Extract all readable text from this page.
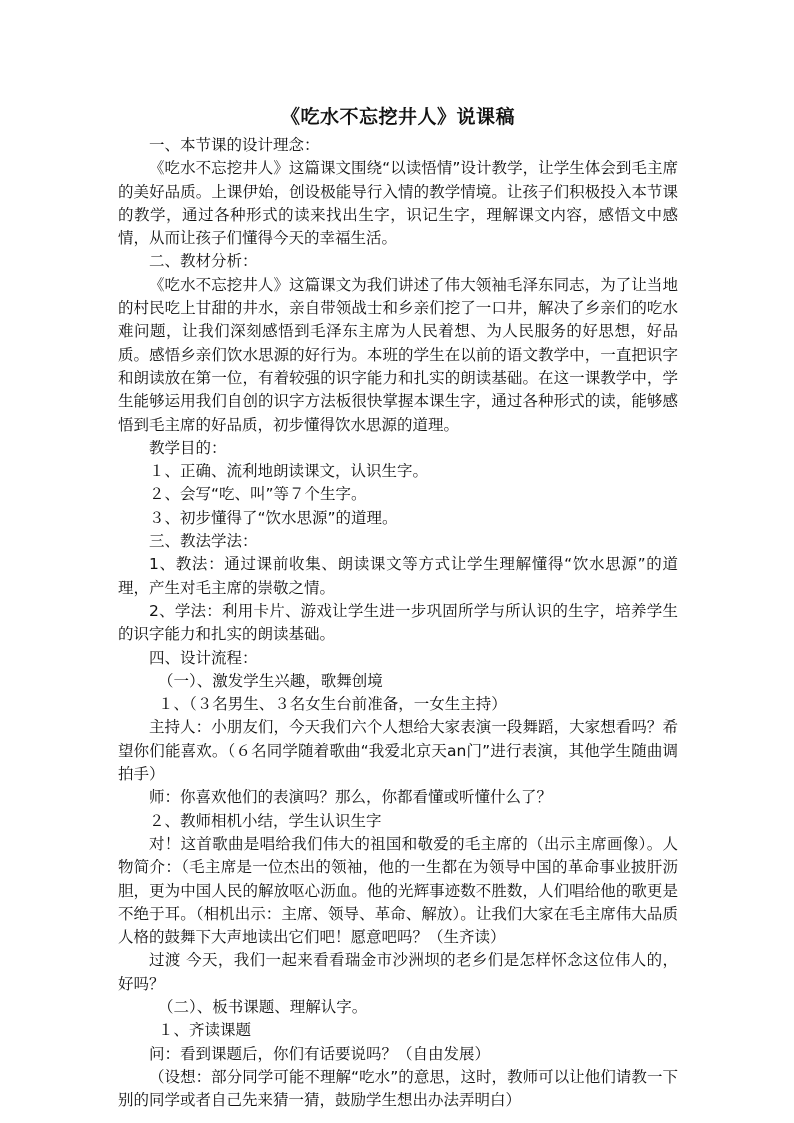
《吃水不忘挖井人》说课稿

一、本节课的设计理念：

《吃水不忘挖井人》这篇课文围绕“以读悟情”设计教学，让学生体会到毛主席的美好品质。上课伊始，创设极能导行入情的教学情境。让孩子们积极投入本节课的教学，通过各种形式的读来找出生字，识记生字，理解课文内容，感悟文中感情，从而让孩子们懂得今天的幸福生活。

二、教材分析：

《吃水不忘挖井人》这篇课文为我们讲述了伟大领袖毛泽东同志，为了让当地的村民吃上甘甜的井水，亲自带领战士和乡亲们挖了一口井，解决了乡亲们的吃水难问题，让我们深刻感悟到毛泽东主席为人民着想、为人民服务的好思想，好品质。感悟乡亲们饮水思源的好行为。本班的学生在以前的语文教学中，一直把识字和朗读放在第一位，有着较强的识字能力和扎实的朗读基础。在这一课教学中，学生能够运用我们自创的识字方法板很快掌握本课生字，通过各种形式的读，能够感悟到毛主席的好品质，初步懂得饮水思源的道理。

教学目的：

１、正确、流利地朗读课文，认识生字。

２、会写“吃、叫”等７个生字。

３、初步懂得了“饮水思源”的道理。

三、教法学法：

1、教法：通过课前收集、朗读课文等方式让学生理解懂得“饮水思源”的道理，产生对毛主席的崇敬之情。

2、学法：利用卡片、游戏让学生进一步巩固所学与所认识的生字，培养学生的识字能力和扎实的朗读基础。

四、设计流程：

（一）、激发学生兴趣，歌舞创境

１、（３名男生、３名女生台前准备，一女生主持）

主持人：小朋友们，今天我们六个人想给大家表演一段舞蹈，大家想看吗？希望你们能喜欢。（６名同学随着歌曲“我爱北京天an门”进行表演，其他学生随曲调拍手）

师：你喜欢他们的表演吗？那么，你都看懂或听懂什么了？

２、教师相机小结，学生认识生字

对！这首歌曲是唱给我们伟大的祖国和敬爱的毛主席的（出示主席画像）。人物简介：（毛主席是一位杰出的领袖，他的一生都在为领导中国的革命事业披肝沥胆，更为中国人民的解放呕心沥血。他的光辉事迹数不胜数，人们唱给他的歌更是不绝于耳。（相机出示：主席、领导、革命、解放）。让我们大家在毛主席伟大品质人格的鼓舞下大声地读出它们吧！愿意吧吗？（生齐读）

过渡 今天，我们一起来看看瑞金市沙洲坝的老乡们是怎样怀念这位伟人的，好吗？

（二）、板书课题、理解认字。

１、齐读课题

问：看到课题后，你们有话要说吗？（自由发展）

（设想：部分同学可能不理解“吃水”的意思，这时，教师可以让他们请教一下别的同学或者自己先来猜一猜，鼓励学生想出办法弄明白）
